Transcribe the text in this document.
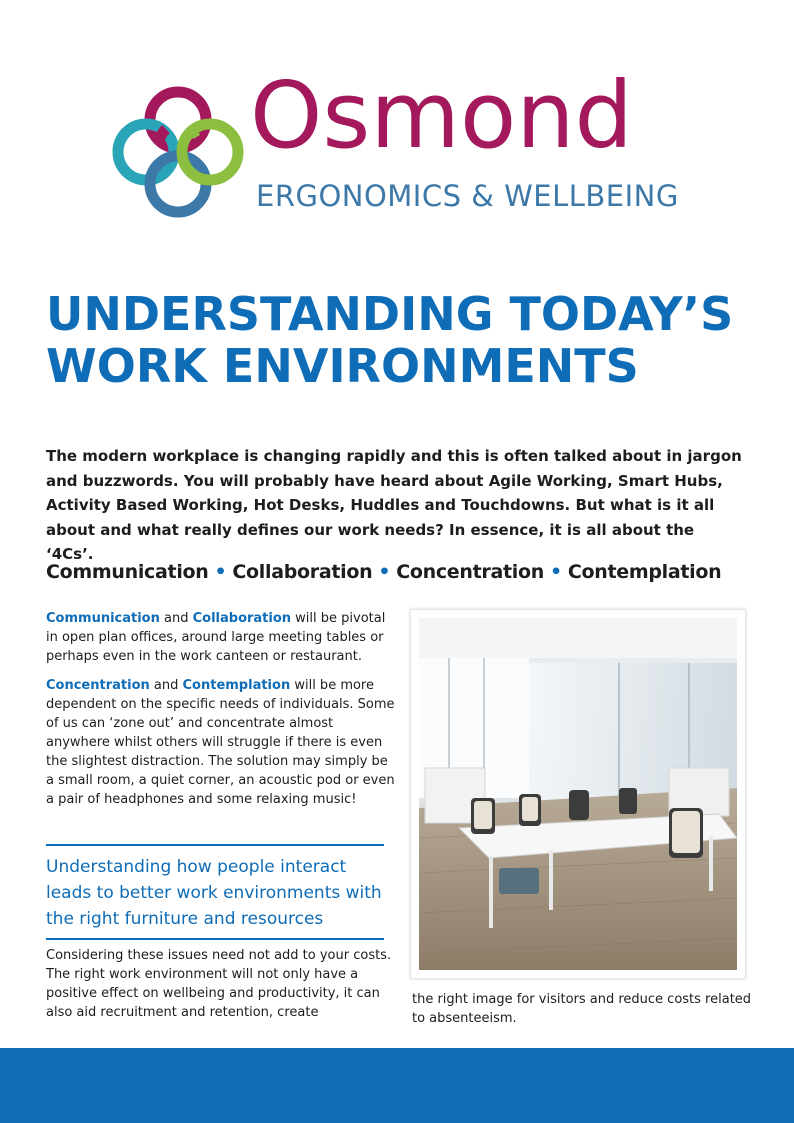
Osmond
ERGONOMICS & WELLBEING
UNDERSTANDING TODAY’S
WORK ENVIRONMENTS

The modern workplace is changing rapidly and this is often talked about in jargon and buzzwords. You will probably have heard about Agile Working, Smart Hubs, Activity Based Working, Hot Desks, Huddles and Touchdowns. But what is it all about and what really defines our work needs? In essence, it is all about the ‘4Cs’.

Communication • Collaboration • Concentration • Contemplation

Communication and Collaboration will be pivotal in open plan offices, around large meeting tables or perhaps even in the work canteen or restaurant.

Concentration and Contemplation will be more dependent on the specific needs of individuals. Some of us can ‘zone out’ and concentrate almost anywhere whilst others will struggle if there is even the slightest distraction. The solution may simply be a small room, a quiet corner, an acoustic pod or even a pair of headphones and some relaxing music!

Understanding how people interact leads to better work environments with the right furniture and resources

Considering these issues need not add to your costs. The right work environment will not only have a positive effect on wellbeing and productivity, it can also aid recruitment and retention, create

the right image for visitors and reduce costs related to absenteeism.
